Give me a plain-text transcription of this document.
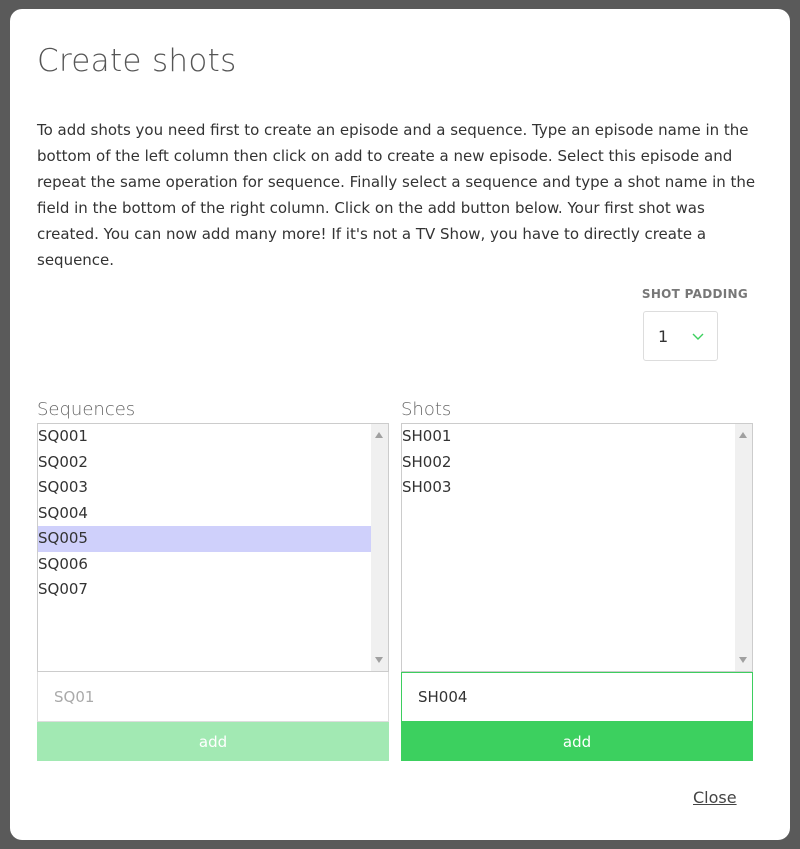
Create shots

To add shots you need first to create an episode and a sequence. Type an episode name in the bottom of the left column then click on add to create a new episode. Select this episode and repeat the same operation for sequence. Finally select a sequence and type a shot name in the field in the bottom of the right column. Click on the add button below. Your first shot was created. You can now add many more! If it's not a TV Show, you have to directly create a sequence.

SHOT PADDING
1
Sequences
SQ001
SQ002
SQ003
SQ004
SQ005
SQ006
SQ007
SQ01
add
Shots
SH001
SH002
SH003
SH004
add
Close
